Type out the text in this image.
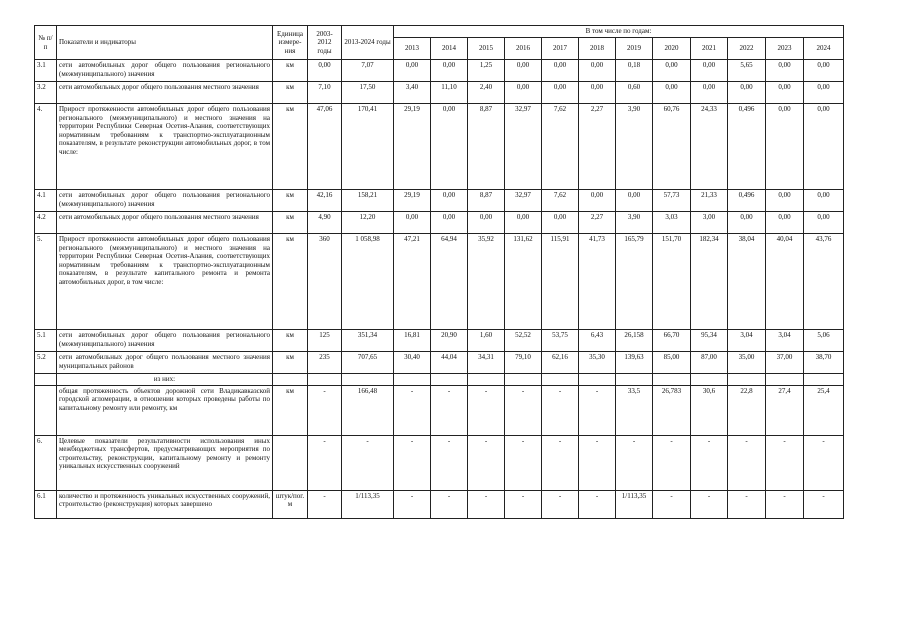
№ п/п	Показатели и индикаторы	Единица измере-ния	2003-2012 годы	2013-2024 годы	В том числе по годам:											
					2013	2014	2015	2016	2017	2018	2019	2020	2021	2022	2023	2024
3.1	сети автомобильных дорог общего пользования регионального (межмуниципального) значения	км	0,00	7,07	0,00	0,00	1,25	0,00	0,00	0,00	0,18	0,00	0,00	5,65	0,00	0,00
3.2	сети автомобильных дорог общего пользования местного значения	км	7,10	17,50	3,40	11,10	2,40	0,00	0,00	0,00	0,60	0,00	0,00	0,00	0,00	0,00
4.	Прирост протяженности автомобильных дорог общего пользования регионального (межмуниципального) и местного значения на территории Республики Северная Осетия-Алания, соответствующих нормативным требованиям к транспортно-эксплуатационным показателям, в результате реконструкции автомобильных дорог, в том числе:	км	47,06	170,41	29,19	0,00	8,87	32,97	7,62	2,27	3,90	60,76	24,33	0,496	0,00	0,00
4.1	сети автомобильных дорог общего пользования регионального (межмуниципального) значения	км	42,16	158,21	29,19	0,00	8,87	32,97	7,62	0,00	0,00	57,73	21,33	0,496	0,00	0,00
4.2	сети автомобильных дорог общего пользования местного значения	км	4,90	12,20	0,00	0,00	0,00	0,00	0,00	2,27	3,90	3,03	3,00	0,00	0,00	0,00
5.	Прирост протяженности автомобильных дорог общего пользования регионального (межмуниципального) и местного значения на территории Республики Северная Осетия-Алания, соответствующих нормативным требованиям к транспортно-эксплуатационным показателям, в результате капитального ремонта и ремонта автомобильных дорог, в том числе:	км	360	1 058,98	47,21	64,94	35,92	131,62	115,91	41,73	165,79	151,70	182,34	38,04	40,04	43,76
5.1	сети автомобильных дорог общего пользования регионального (межмуниципального) значения	км	125	351,34	16,81	20,90	1,60	52,52	53,75	6,43	26,158	66,70	95,34	3,04	3,04	5,06
5.2	сети автомобильных дорог общего пользования местного значения муниципальных районов	км	235	707,65	30,40	44,04	34,31	79,10	62,16	35,30	139,63	85,00	87,00	35,00	37,00	38,70
	из них:															
	общая протяженность объектов дорожной сети Владикавказской городской агломерации, в отношении которых проведены работы по капитальному ремонту или ремонту, км	км	-	166,48	-	-	-	-	-	-	33,5	26,783	30,6	22,8	27,4	25,4
6.	Целевые показатели результативности использования иных межбюджетных трансфертов, предусматривающих мероприятия по строительству, реконструкции, капитальному ремонту и ремонту уникальных искусственных сооружений		-	-	-	-	-	-	-	-	-	-	-	-	-	-
6.1	количество и протяженность уникальных искусственных сооружений, строительство (реконструкция) которых завершено	штук/пог. м	-	1/113,35	-	-	-	-	-	-	1/113,35	-	-	-	-	-
